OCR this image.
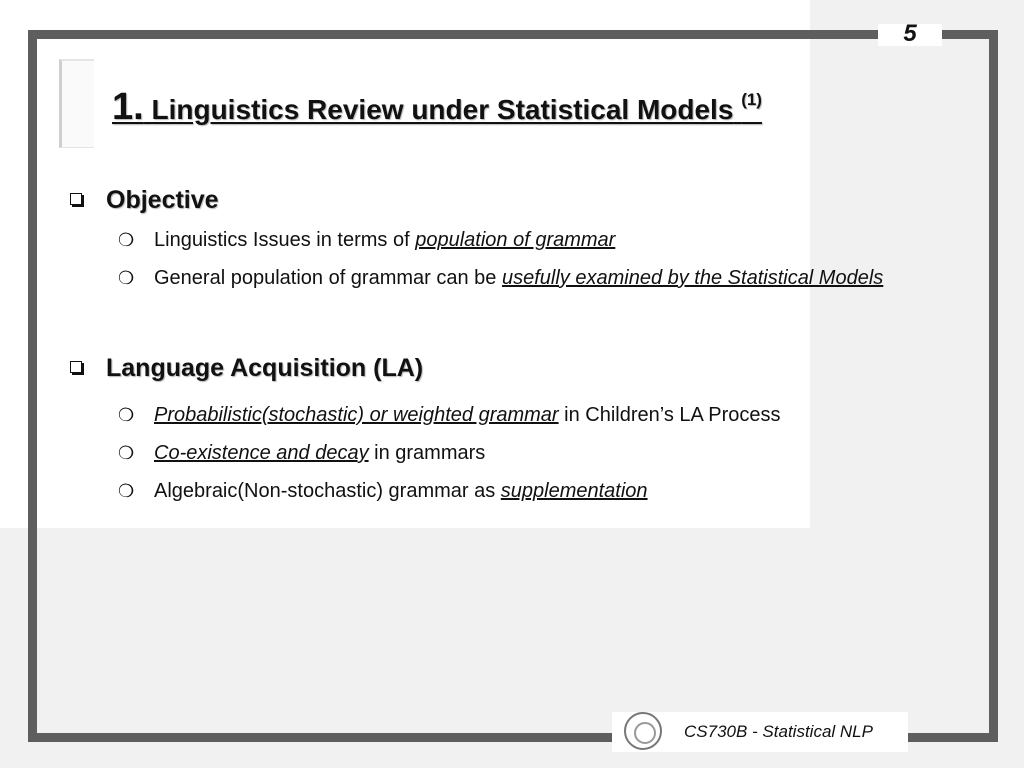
5
1. Linguistics Review under Statistical Models $^{(1)}$
Objective
❍ Linguistics Issues in terms of population of grammar
❍ General population of grammar can be usefully examined by the Statistical Models
Language Acquisition (LA)
❍ Probabilistic(stochastic) or weighted grammar in Children’s LA Process
❍ Co-existence and decay in grammars
❍ Algebraic(Non-stochastic) grammar as supplementation
CS730B - Statistical NLP
